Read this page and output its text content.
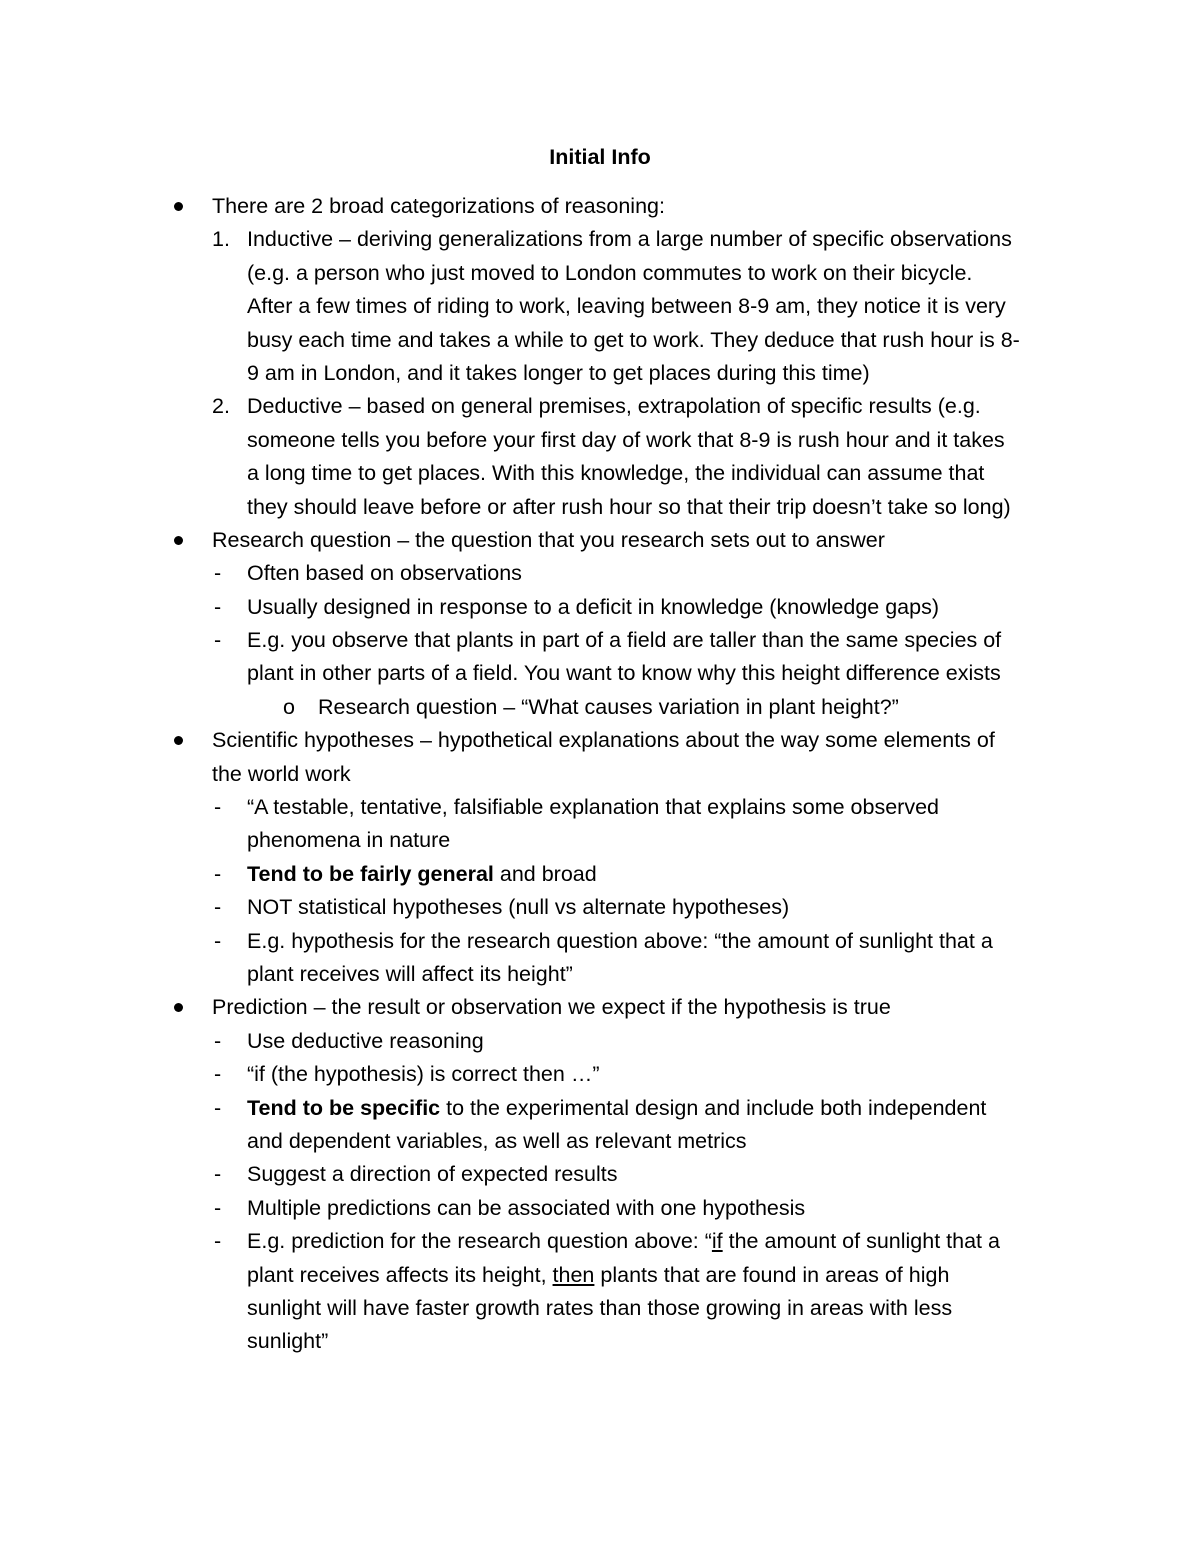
Initial Info
There are 2 broad categorizations of reasoning:
1. Inductive – deriving generalizations from a large number of specific observations
(e.g. a person who just moved to London commutes to work on their bicycle.
After a few times of riding to work, leaving between 8-9 am, they notice it is very
busy each time and takes a while to get to work. They deduce that rush hour is 8-
9 am in London, and it takes longer to get places during this time)
2. Deductive – based on general premises, extrapolation of specific results (e.g.
someone tells you before your first day of work that 8-9 is rush hour and it takes
a long time to get places. With this knowledge, the individual can assume that
they should leave before or after rush hour so that their trip doesn’t take so long)
Research question – the question that you research sets out to answer
- Often based on observations
- Usually designed in response to a deficit in knowledge (knowledge gaps)
- E.g. you observe that plants in part of a field are taller than the same species of
plant in other parts of a field. You want to know why this height difference exists
o Research question – “What causes variation in plant height?”
Scientific hypotheses – hypothetical explanations about the way some elements of
the world work
- “A testable, tentative, falsifiable explanation that explains some observed
phenomena in nature
- Tend to be fairly general and broad
- NOT statistical hypotheses (null vs alternate hypotheses)
- E.g. hypothesis for the research question above: “the amount of sunlight that a
plant receives will affect its height”
Prediction – the result or observation we expect if the hypothesis is true
- Use deductive reasoning
- “if (the hypothesis) is correct then …”
- Tend to be specific to the experimental design and include both independent
and dependent variables, as well as relevant metrics
- Suggest a direction of expected results
- Multiple predictions can be associated with one hypothesis
- E.g. prediction for the research question above: “if the amount of sunlight that a
plant receives affects its height, then plants that are found in areas of high
sunlight will have faster growth rates than those growing in areas with less
sunlight”
